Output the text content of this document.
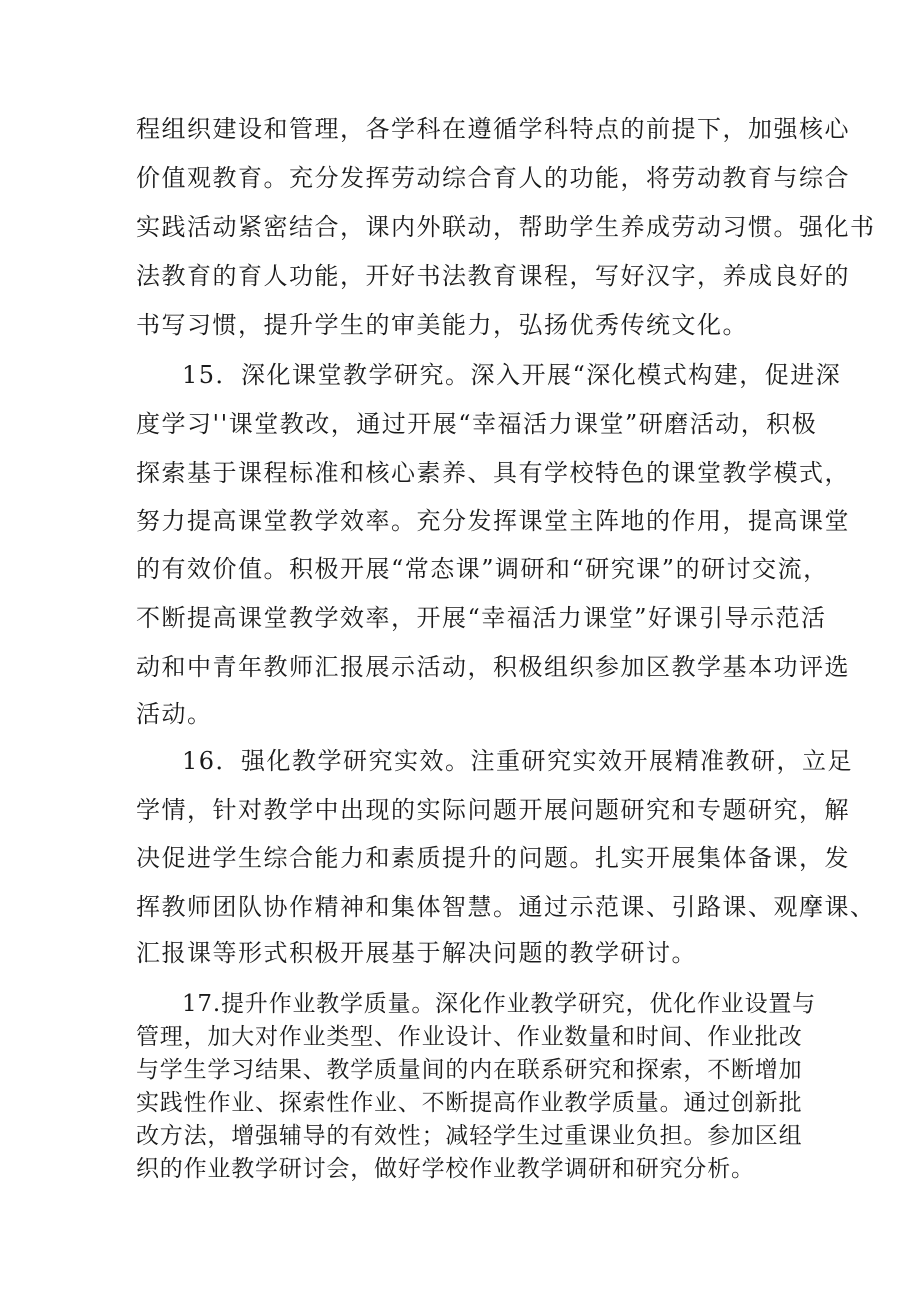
程组织建设和管理，各学科在遵循学科特点的前提下，加强核心
价值观教育。充分发挥劳动综合育人的功能，将劳动教育与综合
实践活动紧密结合，课内外联动，帮助学生养成劳动习惯。强化书
法教育的育人功能，开好书法教育课程，写好汉字，养成良好的
书写习惯，提升学生的审美能力，弘扬优秀传统文化。
15．深化课堂教学研究。深入开展“深化模式构建，促进深
度学习''课堂教改，通过开展“幸福活力课堂”研磨活动，积极
探索基于课程标准和核心素养、具有学校特色的课堂教学模式，
努力提高课堂教学效率。充分发挥课堂主阵地的作用，提高课堂
的有效价值。积极开展“常态课”调研和“研究课”的研讨交流，
不断提高课堂教学效率，开展“幸福活力课堂”好课引导示范活
动和中青年教师汇报展示活动，积极组织参加区教学基本功评选
活动。
16．强化教学研究实效。注重研究实效开展精准教研，立足
学情，针对教学中出现的实际问题开展问题研究和专题研究，解
决促进学生综合能力和素质提升的问题。扎实开展集体备课，发
挥教师团队协作精神和集体智慧。通过示范课、引路课、观摩课、
汇报课等形式积极开展基于解决问题的教学研讨。
17.提升作业教学质量。深化作业教学研究，优化作业设置与
管理，加大对作业类型、作业设计、作业数量和时间、作业批改
与学生学习结果、教学质量间的内在联系研究和探索，不断增加
实践性作业、探索性作业、不断提高作业教学质量。通过创新批
改方法，增强辅导的有效性；减轻学生过重课业负担。参加区组
织的作业教学研讨会，做好学校作业教学调研和研究分析。
